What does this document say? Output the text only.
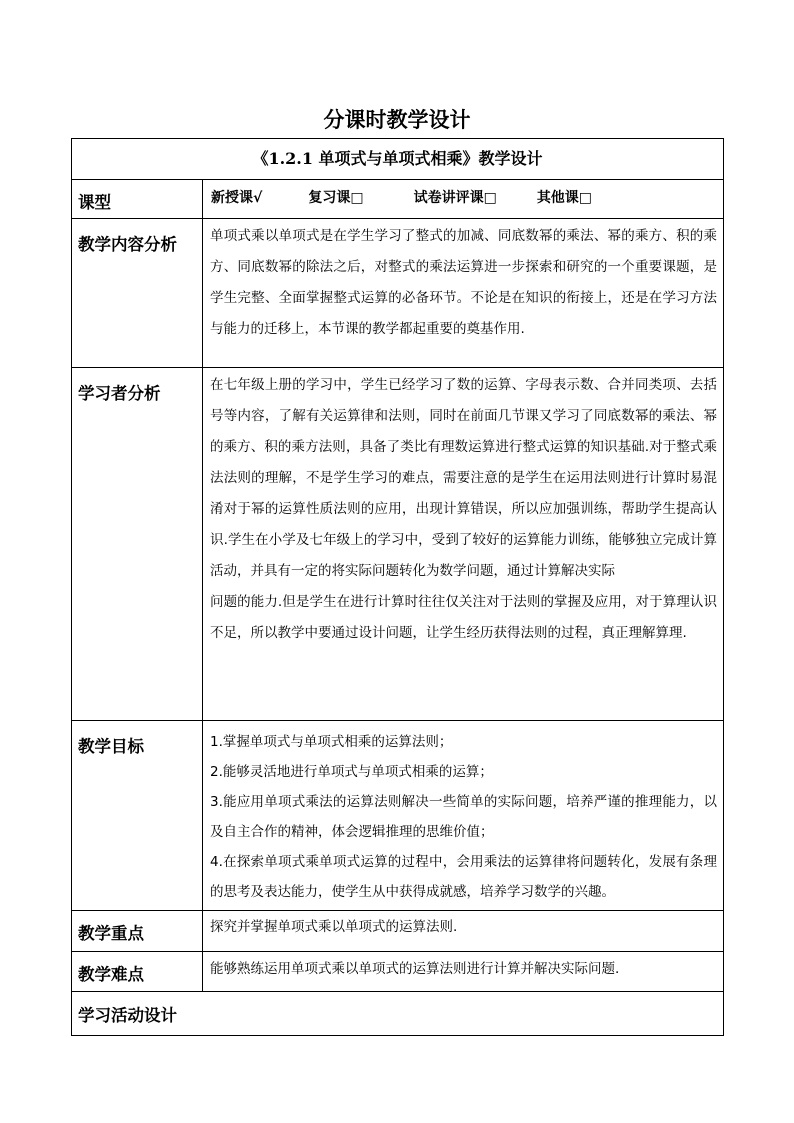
分课时教学设计
《1.2.1 单项式与单项式相乘》教学设计	
课型	新授课√ 复习课□ 试卷讲评课□ 其他课□
教学内容分析	单项式乘以单项式是在学生学习了整式的加减、同底数幂的乘法、幂的乘方、积的乘方、同底数幂的除法之后，对整式的乘法运算进一步探索和研究的一个重要课题，是学生完整、全面掌握整式运算的必备环节。不论是在知识的衔接上，还是在学习方法与能力的迁移上，本节课的教学都起重要的奠基作用.
学习者分析	在七年级上册的学习中，学生已经学习了数的运算、字母表示数、合并同类项、去括号等内容，了解有关运算律和法则，同时在前面几节课又学习了同底数幂的乘法、幂的乘方、积的乘方法则，具备了类比有理数运算进行整式运算的知识基础.对于整式乘法法则的理解，不是学生学习的难点，需要注意的是学生在运用法则进行计算时易混淆对于幂的运算性质法则的应用，出现计算错误，所以应加强训练，帮助学生提高认识.学生在小学及七年级上的学习中，受到了较好的运算能力训练，能够独立完成计算活动，并具有一定的将实际问题转化为数学问题，通过计算解决实际
问题的能力.但是学生在进行计算时往往仅关注对于法则的掌握及应用，对于算理认识不足，所以教学中要通过设计问题，让学生经历获得法则的过程，真正理解算理.

教学目标	1.掌握单项式与单项式相乘的运算法则；
2.能够灵活地进行单项式与单项式相乘的运算；
3.能应用单项式乘法的运算法则解决一些简单的实际问题，培养严谨的推理能力，以及自主合作的精神，体会逻辑推理的思维价值；
4.在探索单项式乘单项式运算的过程中，会用乘法的运算律将问题转化，发展有条理的思考及表达能力，使学生从中获得成就感，培养学习数学的兴趣。

教学重点	探究并掌握单项式乘以单项式的运算法则.
教学难点	能够熟练运用单项式乘以单项式的运算法则进行计算并解决实际问题.
学习活动设计	
